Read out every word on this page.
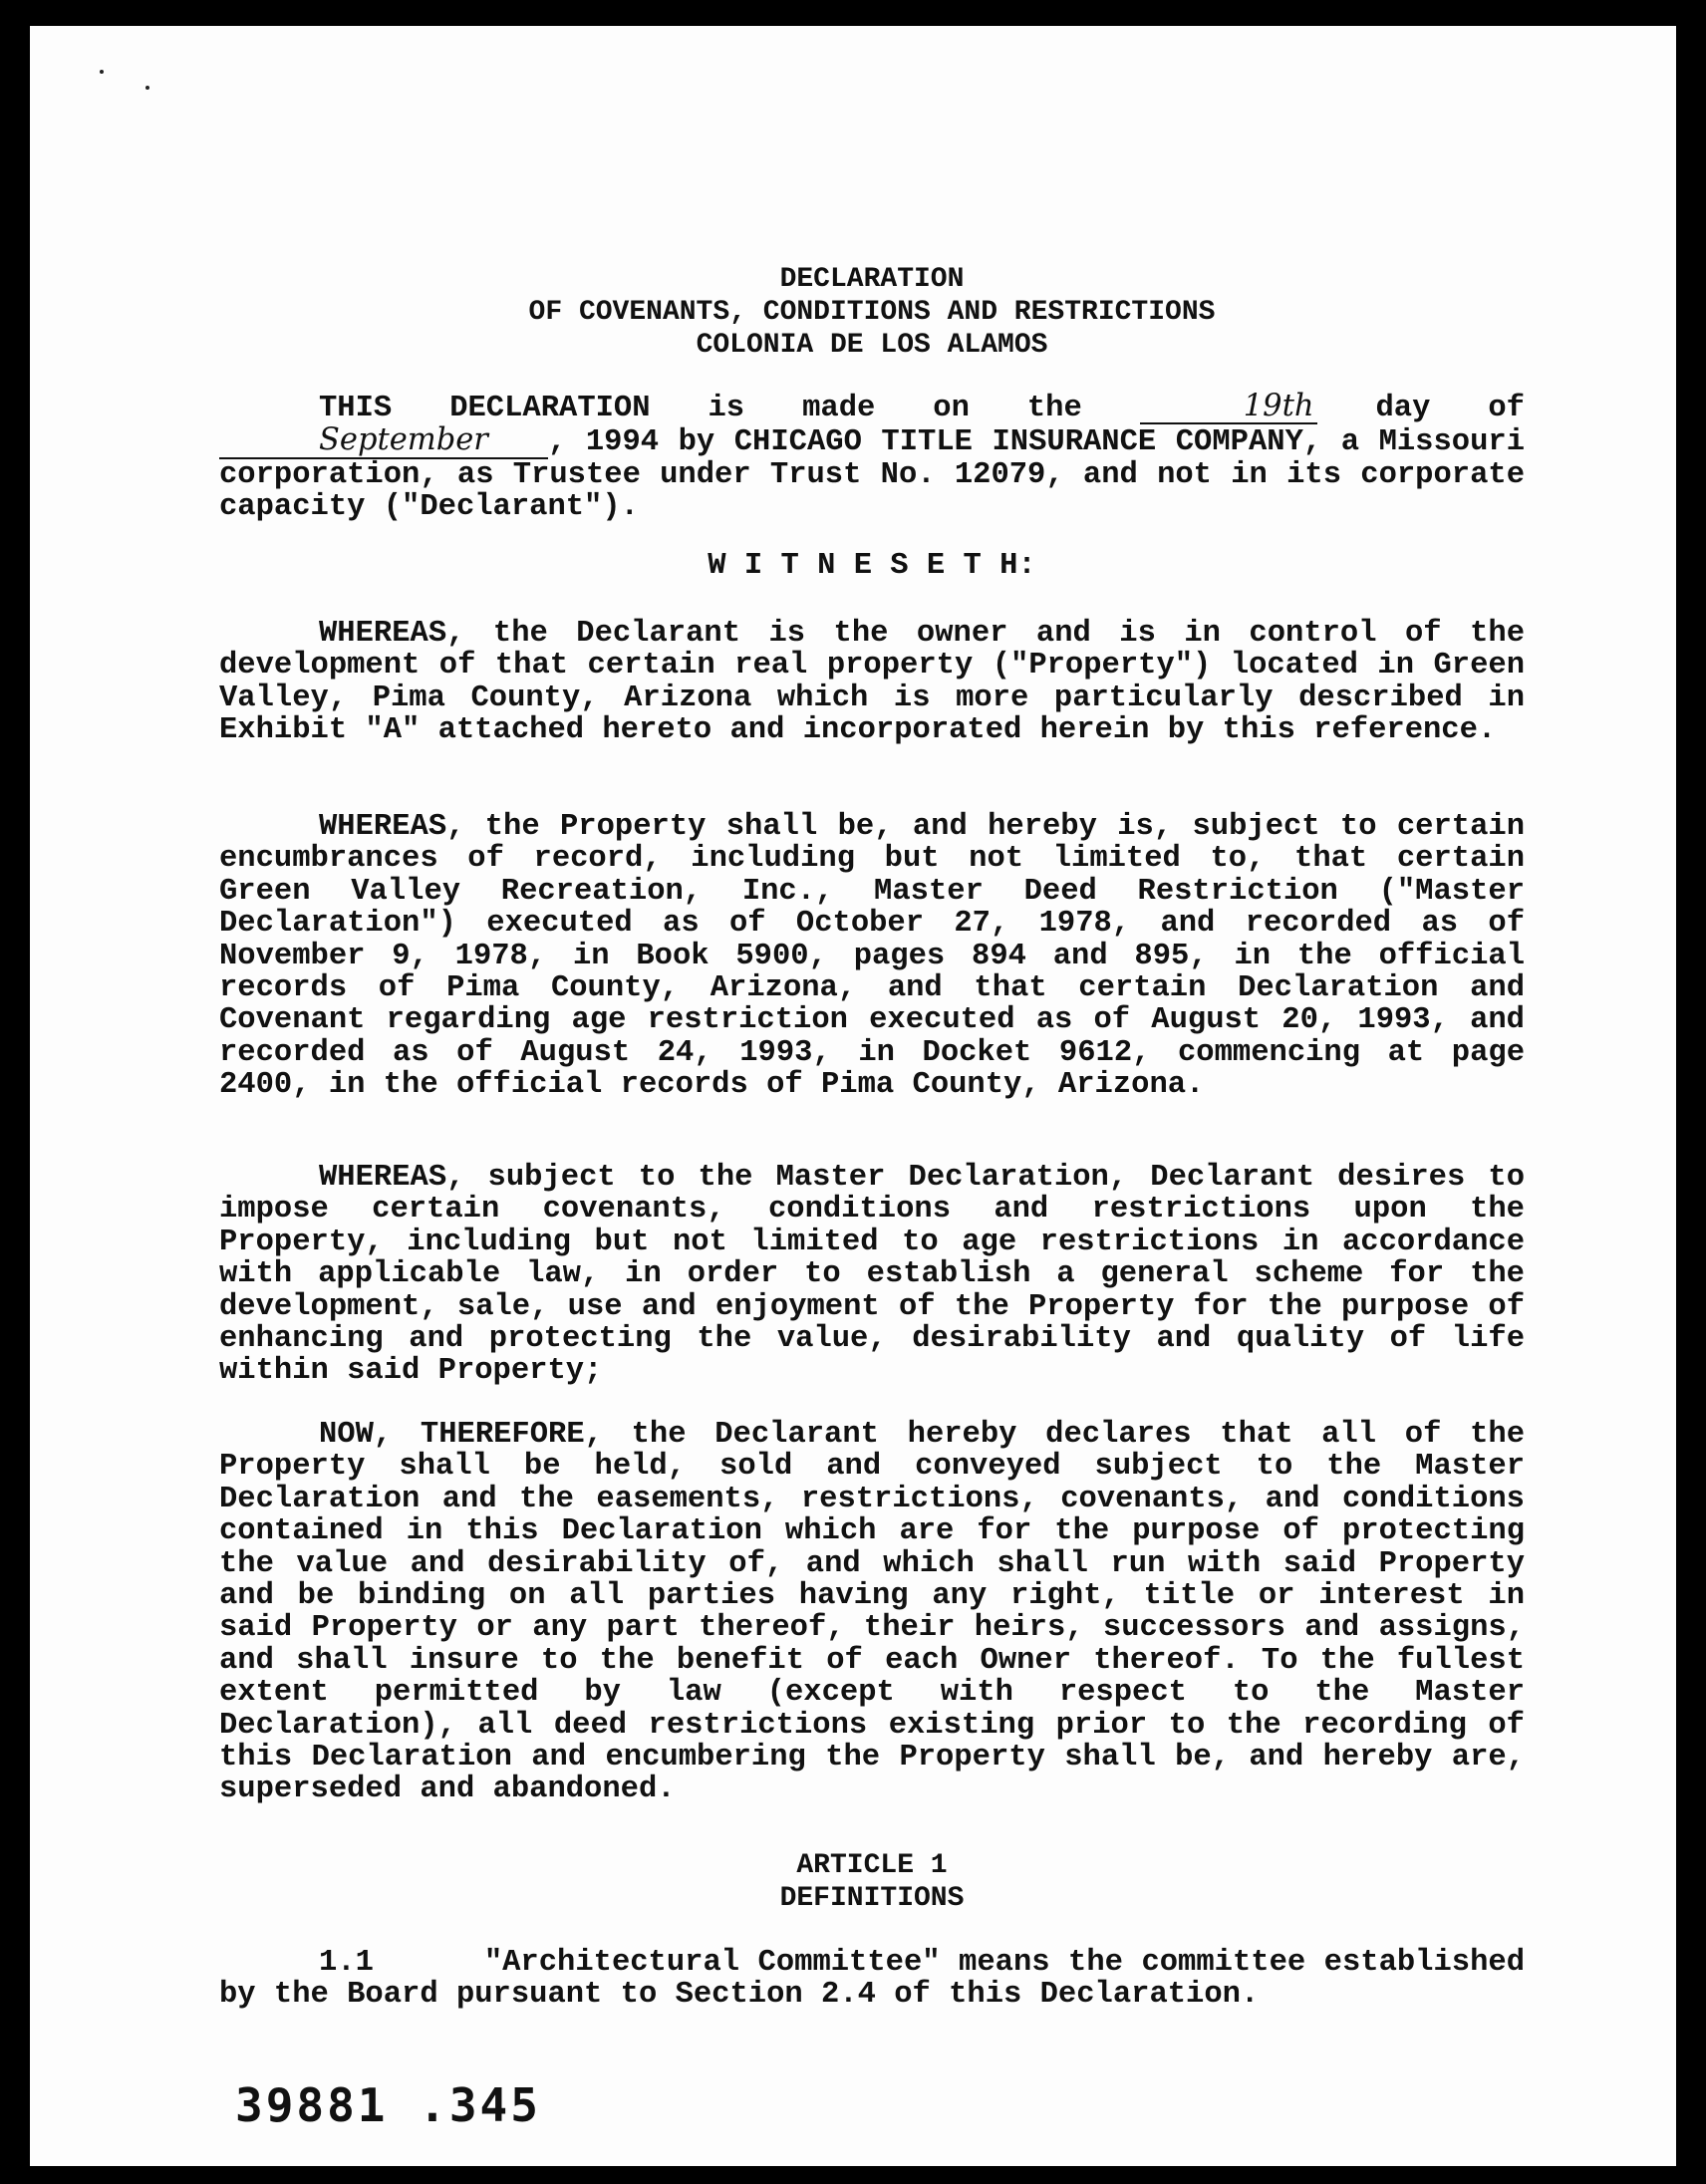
DECLARATION
OF COVENANTS, CONDITIONS AND RESTRICTIONS
COLONIA DE LOS ALAMOS

THIS DECLARATION is made on the	19th day of September , 1994 by CHICAGO TITLE INSURANCE COMPANY, a Missouri corporation, as Trustee under Trust No. 12079, and not in its corporate capacity ("Declarant").

W I T N E S E T H:

WHEREAS, the Declarant is the owner and is in control of the development of that certain real property ("Property") located in Green Valley, Pima County, Arizona which is more particularly described in Exhibit "A" attached hereto and incorporated herein by this reference.

WHEREAS, the Property shall be, and hereby is, subject to certain encumbrances of record, including but not limited to, that certain Green Valley Recreation, Inc., Master Deed Restriction ("Master Declaration") executed as of October 27, 1978, and recorded as of November 9, 1978, in Book 5900, pages 894 and 895, in the official records of Pima County, Arizona, and that certain Declaration and Covenant regarding age restriction executed as of August 20, 1993, and recorded as of August 24, 1993, in Docket 9612, commencing at page 2400, in the official records of Pima County, Arizona.

WHEREAS, subject to the Master Declaration, Declarant desires to impose certain covenants, conditions and restrictions upon the Property, including but not limited to age restrictions in accordance with applicable law, in order to establish a general scheme for the development, sale, use and enjoyment of the Property for the purpose of enhancing and protecting the value, desirability and quality of life within said Property;

NOW, THEREFORE, the Declarant hereby declares that all of the Property shall be held, sold and conveyed subject to the Master Declaration and the easements, restrictions, covenants, and conditions contained in this Declaration which are for the purpose of protecting the value and desirability of, and which shall run with said Property and be binding on all parties having any right, title or interest in said Property or any part thereof, their heirs, successors and assigns, and shall insure to the benefit of each Owner thereof. To the fullest extent permitted by law (except with respect to the Master Declaration), all deed restrictions existing prior to the recording of this Declaration and encumbering the Property shall be, and hereby are, superseded and abandoned.

ARTICLE 1
DEFINITIONS

1.1      "Architectural Committee" means the committee established by the Board pursuant to Section 2.4 of this Declaration.

39881 .345
